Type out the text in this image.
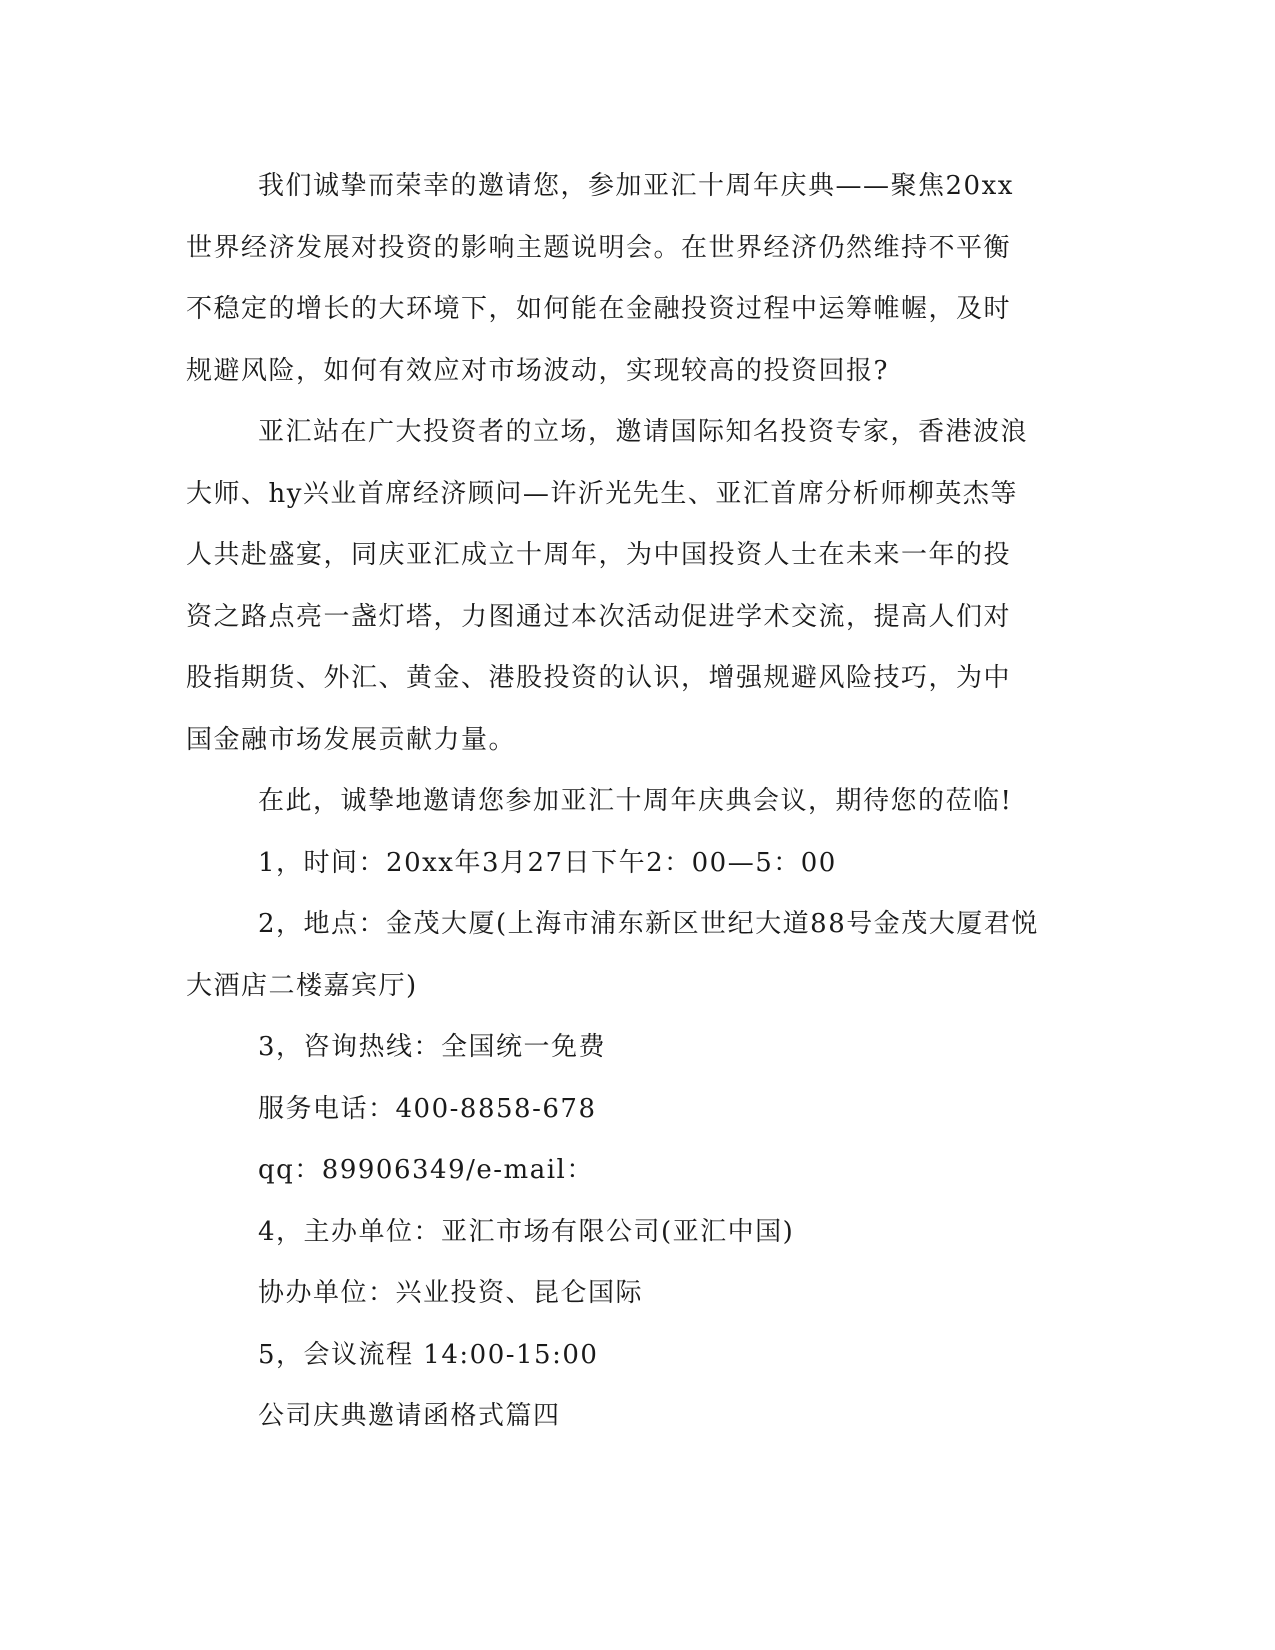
我们诚挚而荣幸的邀请您，参加亚汇十周年庆典——聚焦20xx
世界经济发展对投资的影响主题说明会。在世界经济仍然维持不平衡
不稳定的增长的大环境下，如何能在金融投资过程中运筹帷幄，及时
规避风险，如何有效应对市场波动，实现较高的投资回报?

亚汇站在广大投资者的立场，邀请国际知名投资专家，香港波浪
大师、hy兴业首席经济顾问—许沂光先生、亚汇首席分析师柳英杰等
人共赴盛宴，同庆亚汇成立十周年，为中国投资人士在未来一年的投
资之路点亮一盏灯塔，力图通过本次活动促进学术交流，提高人们对
股指期货、外汇、黄金、港股投资的认识，增强规避风险技巧，为中
国金融市场发展贡献力量。

在此，诚挚地邀请您参加亚汇十周年庆典会议，期待您的莅临!

1，时间：20xx年3月27日下午2：00—5：00

2，地点：金茂大厦(上海市浦东新区世纪大道88号金茂大厦君悦
大酒店二楼嘉宾厅)

3，咨询热线：全国统一免费

服务电话：400-8858-678

qq：89906349/e-mail：

4，主办单位：亚汇市场有限公司(亚汇中国)

协办单位：兴业投资、昆仑国际

5，会议流程 14:00-15:00

公司庆典邀请函格式篇四
